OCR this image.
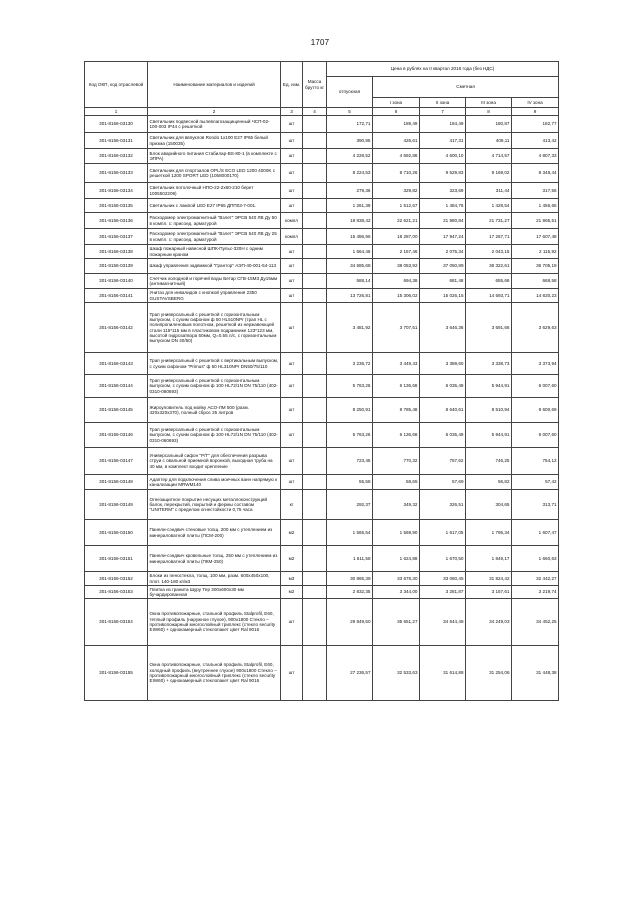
1707
Код ОКП, код отраслевой	Наименование материалов и изделий	Ед. изм.	Масса брутто кг	Цена в рублях на II квартал 2016 года (без НДС)				
				отпускная	Сметная			
					I зона	II зона	III зона	IV зона
1	2	3	4	5	6	7	8	9
301-8156-03130	Светильник подвесной пылевлагозащищенный ЧСП-02-100-003 IP44 с решеткой	шт		172,71	189,49	184,49	180,87	182,77
301-8156-03131	Светильник для ввпуклов Rondo 1x100 E27 IP65 белый призма (150035)	шт		390,95	426,61	417,31	409,11	413,42
301-8156-03132	Блок аварийного питания Стабилар-BS-80-1 (в комплекте с ЭПРА)	шт		4 228,52	4 692,88	4 600,10	4 714,57	4 807,33
301-8156-03133	Светильник для спортзалов OPL/S ECO LED 1200 4000K с решеткой 1200 SPORT LED (1058000170)	шт		8 224,53	8 710,26	9 529,83	9 169,02	8 348,44
301-8156-03134	Светильник потолочный НПО-22-2x60-210 берет 1005502209)	шт		279,36	329,82	323,69	311,44	317,56
301-8156-03135	Светильник с лампой LED E27 IP65 ДПП03-7-001.	шт		1 261,39	1 512,67	1 484,76	1 428,54	1 456,65
301-8156-03136	Расходомер электромагнитный "Взлет" ЭРСВ 540 ЛВ Ду 50 в компл. с: присоед. арматурой	компл		18 838,42	22 621,21	21 980,84	21 731,27	21 865,51
301-8156-03137	Расходомер электромагнитный "Взлет" ЭРСВ 540 ЛВ Ду 25 в компл. с: присоед. арматурой	компл		15 486,96	18 287,00	17 947,24	17 267,71	17 607,48
301-8156-03138	Шкаф пожарный навесной ШПК-Пульс-320Н с одним пожарным краном	шт		1 664,46	2 157,46	2 075,34	2 043,15	2 115,92
301-8156-03139	Шкаф управления задвижкой "Грантор" АЭП-40-001-54-113	шт		34 685,68	38 053,92	37 050,89	36 322,61	36 705,19
301-8156-03140	Счетчик холодной и горячей воды Бетар СГВ-15М3 Ду15мм (антимагнитный)	шт		588,14	694,38	681,48	655,66	668,58
301-8156-03141	Унитаз для инвалидов с кнопкой управления 2350 GUSTAVSBERG	шт		13 726,81	15 306,02	15 026,15	14 593,71	14 820,23
301-8156-03142	Трап универсальный с решеткой с горизонтальным выпуском, с сухим сифоном ф 50 HL510NPr (трап HL с полипропиленовым полотном, решеткой из нержавеющей стали 115*115 мм в пластиковом подрамнике 123*123 мм, высотой гидрозатвора 50мм, Q=0.55 л/с, с горизонтальным выпуском DN 40/50)	шт		3 481,92	3 707,51	3 646,36	3 591,66	3 629,63
301-8156-03143	Трап универсальный с решеткой с вертикальным выпуском, с сухим сифоном "Primus" ф 50 HL310NPr DN50/75/110	шт		3 236,72	3 449,43	3 389,60	3 338,73	3 373,94
301-8156-03144	Трап универсальный с решеткой с горизонтальным выпуском, с сухим сифоном ф 100 HL72/1N DN 75/110 (402-0310-060693)	шт		5 763,26	6 136,68	6 035,49	5 944,91	6 007,60
301-8156-03145	Жироуловитель под мойку АСО-ЛМ 500 (разм. 420х320х370), полный сброс 25 литров	шт		8 250,91	8 785,48	8 640,61	8 510,94	8 600,69
301-8156-03146	Трап универсальный с решеткой с горизонтальным выпуском, с сухим сифоном ф 100 HL72/1N DN 75/110 (402-0310-060693)	шт		5 763,26	6 136,68	6 035,49	5 944,91	6 007,60
301-8156-03147	Универсальный сифон "Р/Т" для обеспечения разрыва струи с овальной приемной воронкой, выходная труба на 40 мм, в комплект входит крепление	шт		723,45	770,32	757,62	746,25	754,12
301-8156-03148	Адаптер для подключения слива моечных ванн напрямую к канализации MRWM140	шт		55,58	58,65	57,69	56,82	57,42
301-8156-03149	Огнезащитное покрытие несущих металлоконструкций балок, перекрытий, покрытий и фермы составом "UNITERM" с пределом огнестойкости 0,75 часа	кг		292,37	349,32	326,51	304,65	313,71
301-8156-03150	Панели-сэндвич стеновые толщ. 200 мм с утеплением из минераловатной плиты (ПСМ-200)	м2		1 565,54	1 569,90	1 617,05	1 795,34	1 607,47
301-8156-03151	Панели-сэндвич кровельные толщ. 250 мм с утеплением из минераловатной плиты (ПКМ-250)	м2		1 611,58	1 624,88	1 670,50	1 849,17	1 660,63
301-8156-03152	Блоки из пеностекла, толщ. 100 мм, разм. 600х450х100, плот. 140-180 кг/м3	м3		30 865,39	33 678,30	33 060,45	31 824,42	32 442,27
301-8156-03153	Плитка из гранита Шуру Тер 300х600х30 мм бучардированная	м2		2 832,35	3 344,00	3 281,87	3 157,61	3 219,74
301-8156-03154	Окна противопожарные, стальной профиль Stalprofil, E60, теплый профиль (наружное глухое), 900х1800 Стекло – противопожарный многослойный триплекс (стекло security EIW60) + однокамерный стеклопакет цвет Ral 9016	шт		29 849,50	35 651,27	34 644,48	34 249,03	34 452,25
301-8156-03155	Окна противопожарные, стальной профиль Stalprofil, E60, холодный профиль (внутреннее глухое) 900х1800 Стекло – противопожарный многослойный триплекс (стекло security EIW60) + однокамерный стеклопакет цвет Ral 9016	шт		27 236,57	32 533,63	31 614,88	31 254,06	31 448,38
